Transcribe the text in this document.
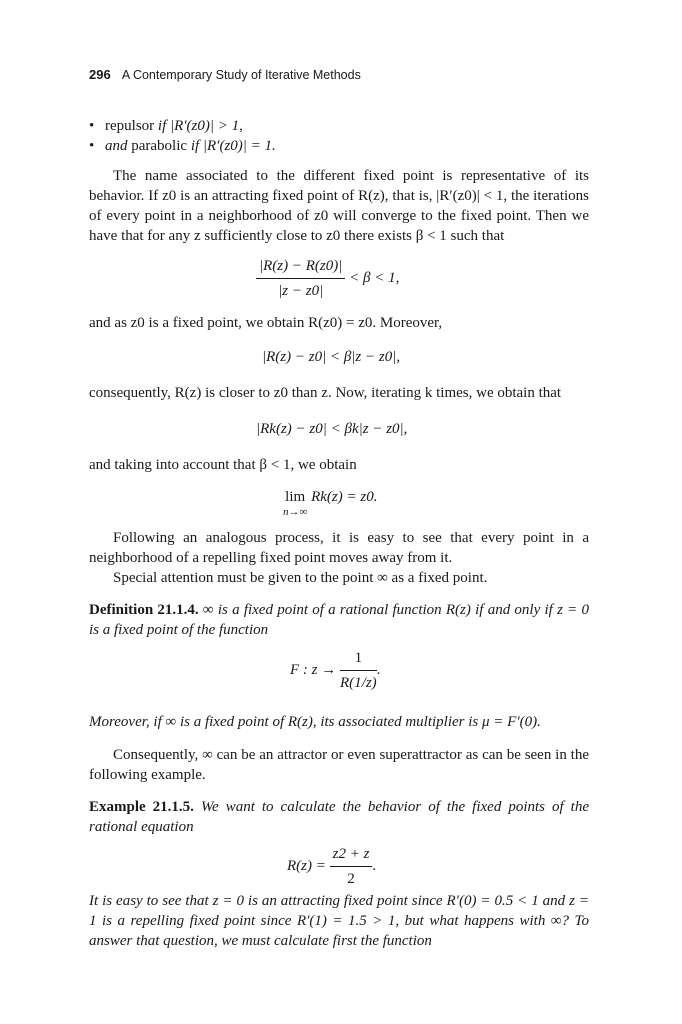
296 A Contemporary Study of Iterative Methods
• repulsor if |R′(z0)| > 1,
• and parabolic if |R′(z0)| = 1.
The name associated to the different fixed point is representative of its behavior. If z0 is an attracting fixed point of R(z), that is, |R′(z0)| < 1, the iterations of every point in a neighborhood of z0 will converge to the fixed point. Then we have that for any z sufficiently close to z0 there exists β < 1 such that
$\frac{|R(z) - R(z0)|}{|z - z0|} < \beta < 1$,
and as z0 is a fixed point, we obtain R(z0) = z0. Moreover,
|R(z) − z0| < β|z − z0|,
consequently, R(z) is closer to z0 than z. Now, iterating k times, we obtain that
|Rk(z) − z0| < βk|z − z0|,
and taking into account that β < 1, we obtain
lim
n→∞
Rk(z) = z0.
Following an analogous process, it is easy to see that every point in a neighborhood of a repelling fixed point moves away from it.
Special attention must be given to the point ∞ as a fixed point.
Definition 21.1.4. ∞ is a fixed point of a rational function R(z) if and only if z = 0 is a fixed point of the function
F : $z \to \frac{1}{R(1/z)}$ .
Moreover, if ∞ is a fixed point of R(z), its associated multiplier is μ = F′(0).
Consequently, ∞ can be an attractor or even superattractor as can be seen in the following example.
Example 21.1.5. We want to calculate the behavior of the fixed points of the rational equation
$R(z) = \frac{z2 + z}{2}$ .
It is easy to see that z = 0 is an attracting fixed point since R′(0) = 0.5 < 1 and z = 1 is a repelling fixed point since R′(1) = 1.5 > 1, but what happens with ∞? To answer that question, we must calculate first the function
